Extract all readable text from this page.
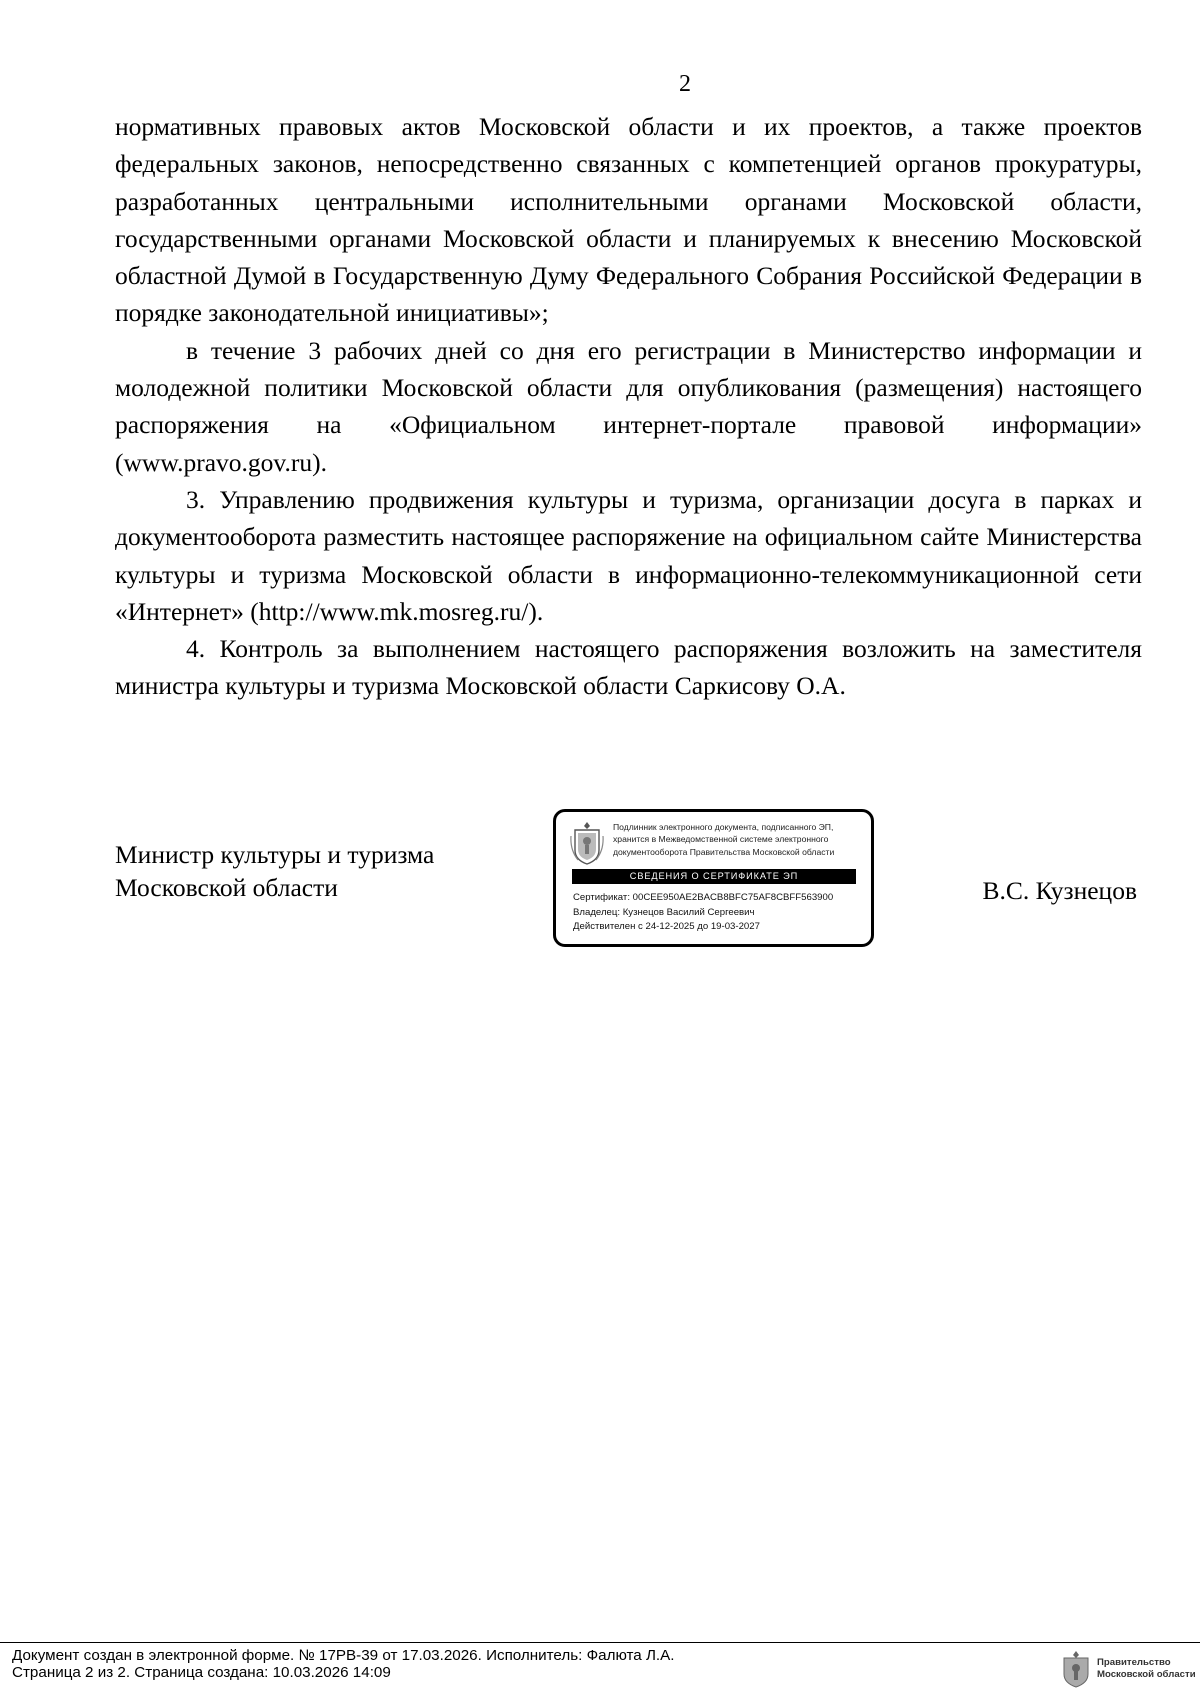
2

нормативных правовых актов Московской области и их проектов, а также проектов федеральных законов, непосредственно связанных с компетенцией органов прокуратуры, разработанных центральными исполнительными органами Московской области, государственными органами Московской области и планируемых к внесению Московской областной Думой в Государственную Думу Федерального Собрания Российской Федерации в порядке законодательной инициативы»;

в течение 3 рабочих дней со дня его регистрации в Министерство информации и молодежной политики Московской области для опубликования (размещения) настоящего распоряжения на «Официальном интернет-портале правовой информации» (www.pravo.gov.ru).

3. Управлению продвижения культуры и туризма, организации досуга в парках и документооборота разместить настоящее распоряжение на официальном сайте Министерства культуры и туризма Московской области в информационно-телекоммуникационной сети «Интернет» (http://www.mk.mosreg.ru/).

4. Контроль за выполнением настоящего распоряжения возложить на заместителя министра культуры и туризма Московской области Саркисову О.А.

Министр культуры и туризма
Московской области
Подлинник электронного документа, подписанного ЭП,
хранится в Межведомственной системе электронного
документооборота Правительства Московской области
СВЕДЕНИЯ О СЕРТИФИКАТЕ ЭП
Сертификат: 00CEE950AE2BACB8BFC75AF8CBFF563900
Владелец: Кузнецов Василий Сергеевич
Действителен с 24-12-2025 до 19-03-2027
В.С. Кузнецов
Документ создан в электронной форме. № 17РВ-39 от 17.03.2026. Исполнитель: Фалюта Л.А.
Страница 2 из 2. Страница создана: 10.03.2026 14:09
Правительство
Московской области
